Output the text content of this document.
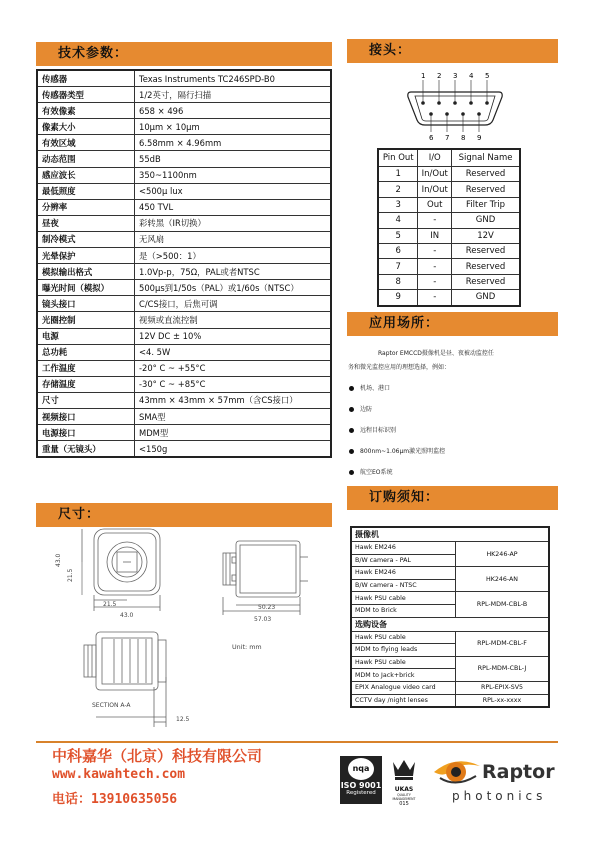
技术参数：	接头：
应用场所：
尺寸：
订购须知：
传感器	Texas Instruments TC246SPD-B0
传感器类型	1/2英寸，隔行扫描
有效像素	658 × 496
像素大小	10μm × 10μm
有效区域	6.58mm × 4.96mm
动态范围	55dB
感应波长	350~1100nm
最低照度	<500μ lux
分辨率	450 TVL
昼夜	彩转黑（IR切换）
制冷模式	无风扇
光晕保护	是（>500：1）
模拟输出格式	1.0Vp-p，75Ω，PAL或者NTSC
曝光时间（模拟）	500μs到1/50s（PAL）或1/60s（NTSC）
镜头接口	C/CS接口，后焦可调
光圈控制	视频或直流控制
电源	12V DC ± 10%
总功耗	<4. 5W
工作温度	-20° C ~ +55°C
存储温度	-30° C ~ +85°C
尺寸	43mm × 43mm × 57mm（含CS接口）
视频接口	SMA型
电源接口	MDM型
重量（无镜头）	<150g
1 2 3 4 5
6 7 8 9
Pin Out	I/O	Signal Name
1	In/Out	Reserved
2	In/Out	Reserved
3	Out	Filter Trip
4	-	GND
5	IN	12V
6	-	Reserved
7	-	Reserved
8	-	Reserved
9	-	GND
Raptor EMCCD摄像机是昼、夜被动监控任
务和微光监控应用的理想选择，例如：
机场、港口
边防
远程目标识别
800nm~1.06μm激光照明监控
航空EO系统
摄像机	
Hawk EM246	HK246-AP
B/W camera - PAL	
Hawk EM246	HK246-AN
B/W camera - NTSC	
Hawk PSU cable	RPL-MDM-CBL-B
MDM to Brick	
选购设备	
Hawk PSU cable	RPL-MDM-CBL-F
MDM to flying leads	
Hawk PSU cable	RPL-MDM-CBL-J
MDM to Jack+brick	
EPIX Analogue video card	RPL-EPIX-SV5
CCTV day /night lenses	RPL-xx-xxxx
43.0
21.5
21.5
43.0
50.23
57.03
12.5
SECTION A-A
Unit: mm
中科嘉华（北京）科技有限公司
www.kawahtech.com
电话：13910635056
nqa
ISO 9001
Registered	UKAS
QUALITY MANAGEMENT
015
Raptor
photonics
